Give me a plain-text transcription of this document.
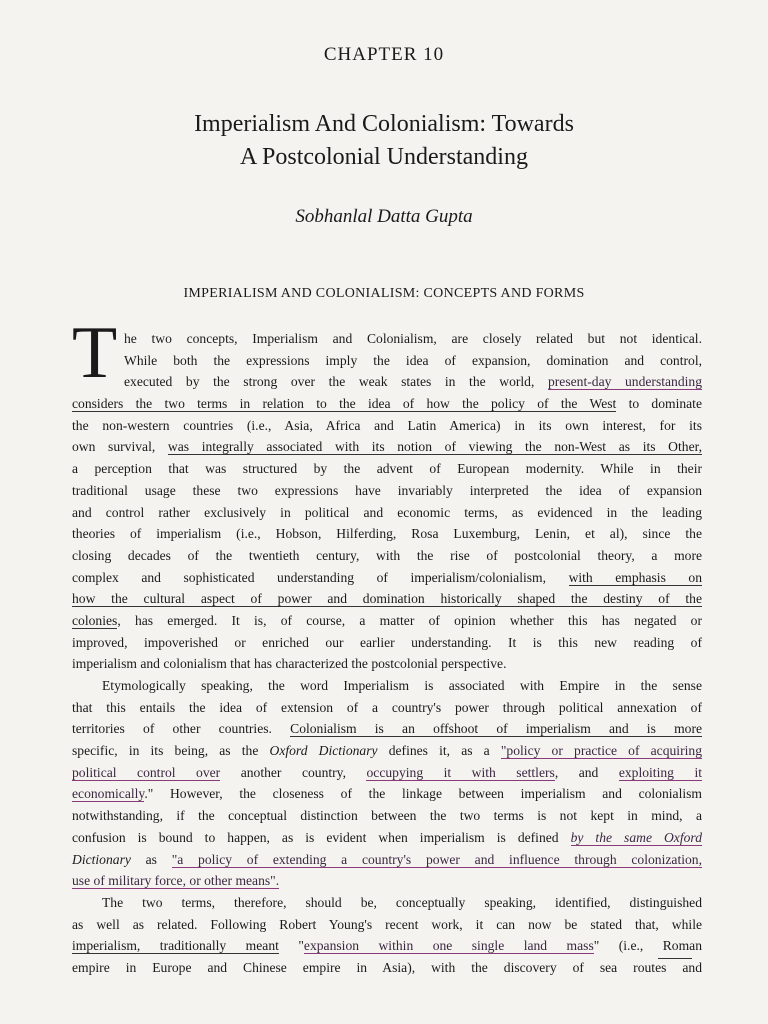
CHAPTER 10
Imperialism And Colonialism: Towards
A Postcolonial Understanding
Sobhanlal Datta Gupta
IMPERIALISM AND COLONIALISM: CONCEPTS AND FORMS
T he two concepts, Imperialism and Colonialism, are closely related but not identical.
While both the expressions imply the idea of expansion, domination and control,
executed by the strong over the weak states in the world, present-day understanding
considers the two terms in relation to the idea of how the policy of the West to dominate
the non-western countries (i.e., Asia, Africa and Latin America) in its own interest, for its
own survival, was integrally associated with its notion of viewing the non-West as its Other,
a perception that was structured by the advent of European modernity. While in their
traditional usage these two expressions have invariably interpreted the idea of expansion
and control rather exclusively in political and economic terms, as evidenced in the leading
theories of imperialism (i.e., Hobson, Hilferding, Rosa Luxemburg, Lenin, et al), since the
closing decades of the twentieth century, with the rise of postcolonial theory, a more
complex and sophisticated understanding of imperialism/colonialism, with emphasis on
how the cultural aspect of power and domination historically shaped the destiny of the
colonies, has emerged. It is, of course, a matter of opinion whether this has negated or
improved, impoverished or enriched our earlier understanding. It is this new reading of
imperialism and colonialism that has characterized the postcolonial perspective.
Etymologically speaking, the word Imperialism is associated with Empire in the sense
that this entails the idea of extension of a country's power through political annexation of
territories of other countries. Colonialism is an offshoot of imperialism and is more
specific, in its being, as the Oxford Dictionary defines it, as a "policy or practice of acquiring
political control over another country, occupying it with settlers, and exploiting it
economically." However, the closeness of the linkage between imperialism and colonialism
notwithstanding, if the conceptual distinction between the two terms is not kept in mind, a
confusion is bound to happen, as is evident when imperialism is defined by the same Oxford
Dictionary as "a policy of extending a country's power and influence through colonization,
use of military force, or other means".
The two terms, therefore, should be, conceptually speaking, identified, distinguished
as well as related. Following Robert Young's recent work, it can now be stated that, while
imperialism, traditionally meant "expansion within one single land mass" (i.e., Roman
empire in Europe and Chinese empire in Asia), with the discovery of sea routes and
